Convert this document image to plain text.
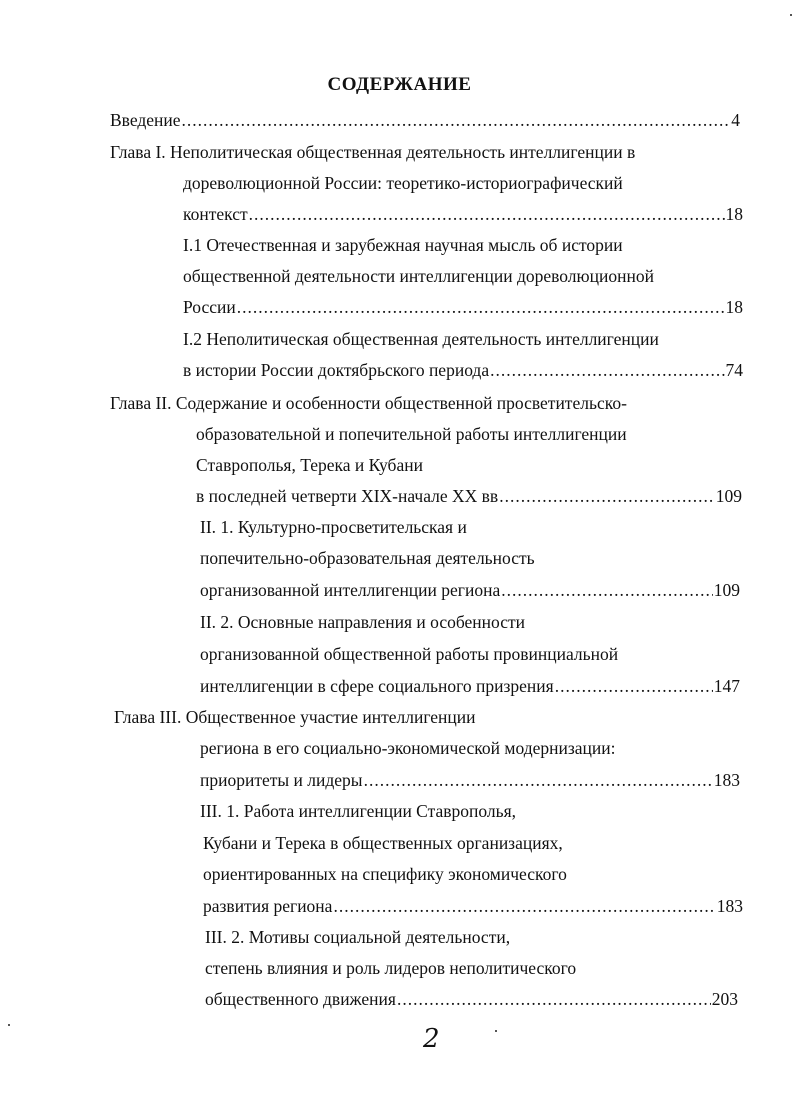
СОДЕРЖАНИЕ
Введение .....	4
Глава I. Неполитическая общественная деятельность интеллигенции в
дореволюционной России: теоретико-историографический
контекст .....	18
I.1 Отечественная и зарубежная научная мысль об истории
общественной деятельности интеллигенции дореволюционной
России .....	18
I.2 Неполитическая общественная деятельность интеллигенции
в истории России доктябрьского периода .....	74
Глава II. Содержание и особенности общественной просветительско-
образовательной и попечительной работы интеллигенции
Ставрополья, Терека и Кубани
в последней четверти XIX-начале XX вв .....	109
II. 1. Культурно-просветительская и
попечительно-образовательная деятельность
организованной интеллигенции региона .....	109
II. 2. Основные направления и особенности
организованной общественной работы провинциальной
интеллигенции в сфере социального призрения .....	147
Глава III. Общественное участие интеллигенции
региона в его социально-экономической модернизации:
приоритеты и лидеры .....	183
III. 1. Работа интеллигенции Ставрополья,
Кубани и Терека в общественных организациях,
ориентированных на специфику экономического
развития региона .....	183
III. 2. Мотивы социальной деятельности,
степень влияния и роль лидеров неполитического
общественного движения .....	203
2
